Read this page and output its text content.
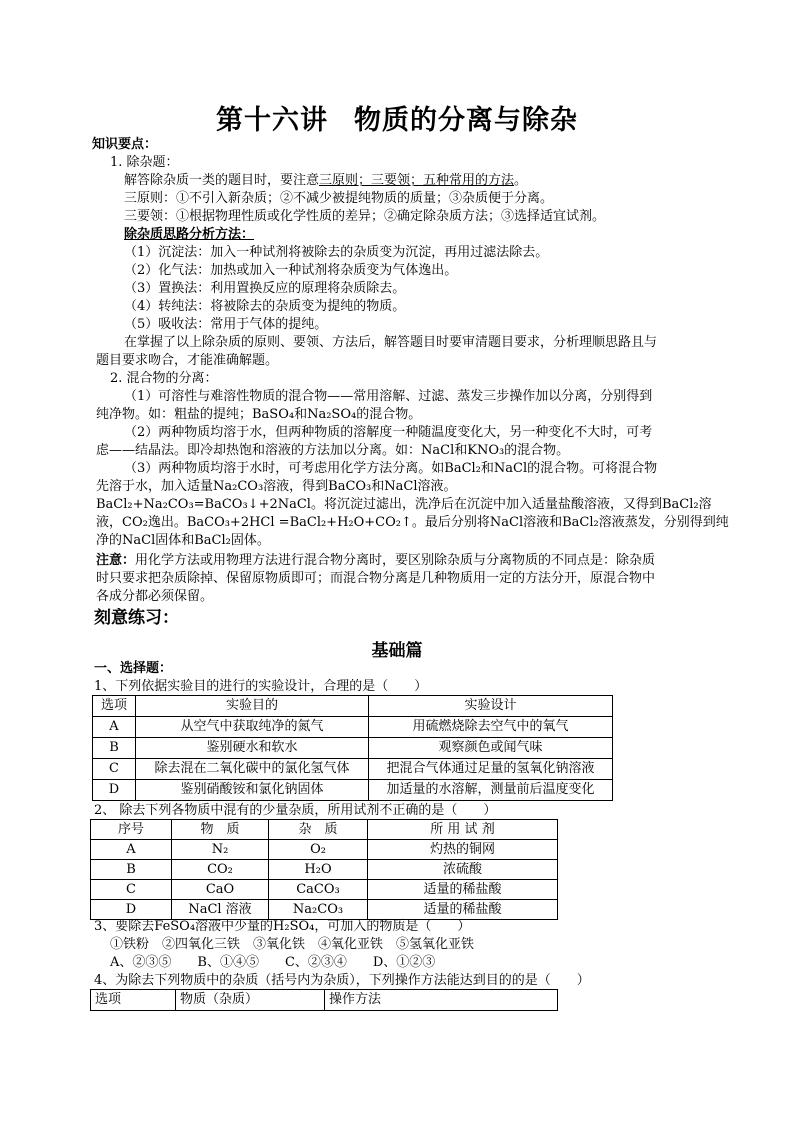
第十六讲 物质的分离与除杂
知识要点：
1. 除杂题：
解答除杂质一类的题目时，要注意三原则；三要领；五种常用的方法。
三原则：①不引入新杂质；②不减少被提纯物质的质量；③杂质便于分离。
三要领：①根据物理性质或化学性质的差异；②确定除杂质方法；③选择适宜试剂。
除杂质思路分析方法：
（1）沉淀法：加入一种试剂将被除去的杂质变为沉淀，再用过滤法除去。
（2）化气法：加热或加入一种试剂将杂质变为气体逸出。
（3）置换法：利用置换反应的原理将杂质除去。
（4）转纯法：将被除去的杂质变为提纯的物质。
（5）吸收法：常用于气体的提纯。
在掌握了以上除杂质的原则、要领、方法后，解答题目时要审清题目要求，分析理顺思路且与
题目要求吻合，才能准确解题。
2. 混合物的分离：
（1）可溶性与难溶性物质的混合物——常用溶解、过滤、蒸发三步操作加以分离，分别得到
纯净物。如：粗盐的提纯；BaSO₄和Na₂SO₄的混合物。
（2）两种物质均溶于水，但两种物质的溶解度一种随温度变化大，另一种变化不大时，可考
虑——结晶法。即冷却热饱和溶液的方法加以分离。如：NaCl和KNO₃的混合物。
（3）两种物质均溶于水时，可考虑用化学方法分离。如BaCl₂和NaCl的混合物。可将混合物
先溶于水，加入适量Na₂CO₃溶液，得到BaCO₃和NaCl溶液。
BaCl₂+Na₂CO₃=BaCO₃↓+2NaCl。将沉淀过滤出，洗净后在沉淀中加入适量盐酸溶液，又得到BaCl₂溶
液，CO₂逸出。BaCO₃+2HCl =BaCl₂+H₂O+CO₂↑。最后分别将NaCl溶液和BaCl₂溶液蒸发，分别得到纯
净的NaCl固体和BaCl₂固体。
注意：用化学方法或用物理方法进行混合物分离时，要区别除杂质与分离物质的不同点是：除杂质
时只要求把杂质除掉、保留原物质即可；而混合物分离是几种物质用一定的方法分开，原混合物中
各成分都必须保留。
刻意练习：
基础篇
一、选择题：
1、下列依据实验目的进行的实验设计，合理的是（　　）
选项	实验目的	实验设计
A	从空气中获取纯净的氮气	用硫燃烧除去空气中的氧气
B	鉴别硬水和软水	观察颜色或闻气味
C	除去混在二氧化碳中的氯化氢气体	把混合气体通过足量的氢氧化钠溶液
D	鉴别硝酸铵和氯化钠固体	加适量的水溶解，测量前后温度变化
2、 除去下列各物质中混有的少量杂质，所用试剂不正确的是（　　）
序号	物　质	杂　质	所 用 试 剂
A	N₂	O₂	灼热的铜网
B	CO₂	H₂O	浓硫酸
C	CaO	CaCO₃	适量的稀盐酸
D	NaCl 溶液	Na₂CO₃	适量的稀盐酸
3、要除去FeSO₄溶液中少量的H₂SO₄，可加入的物质是（　　）
①铁粉　②四氧化三铁　③氧化铁　④氧化亚铁　⑤氢氧化亚铁
A、②③⑤　　B、①④⑤　　C、②③④　　D、①②③
4、为除去下列物质中的杂质（括号内为杂质），下列操作方法能达到目的的是（　　）
选项	物质（杂质）	操作方法
